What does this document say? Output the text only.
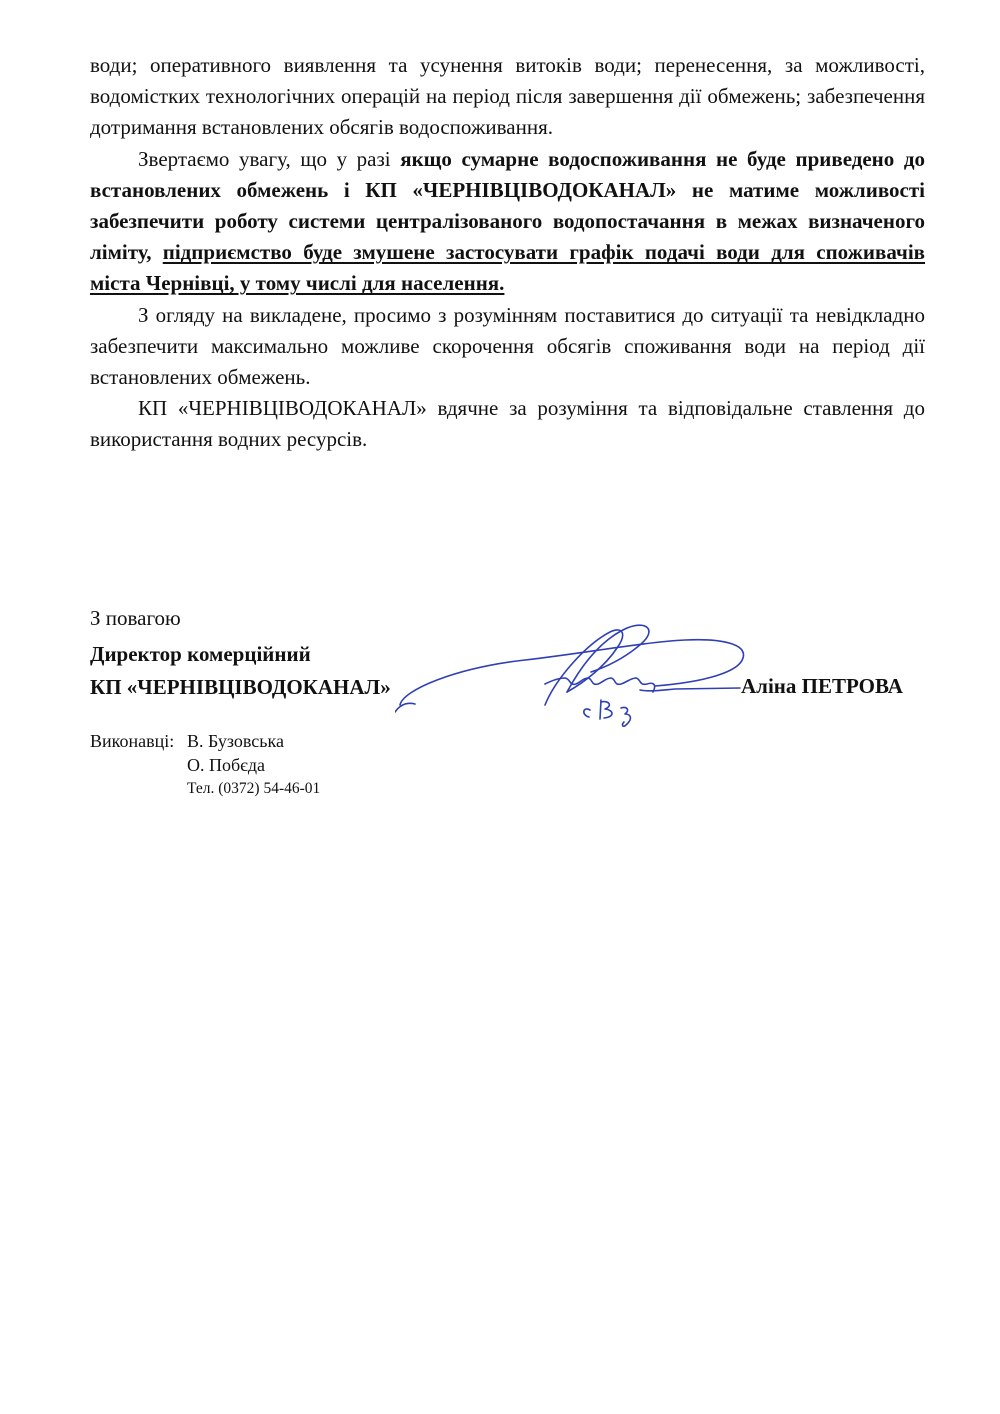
води; оперативного виявлення та усунення витоків води; перенесення, за можливості, водомістких технологічних операцій на період після завершення дії обмежень; забезпечення дотримання встановлених обсягів водоспоживання.

Звертаємо увагу, що у разі якщо сумарне водоспоживання не буде приведено до встановлених обмежень і КП «ЧЕРНІВЦІВОДОКАНАЛ» не матиме можливості забезпечити роботу системи централізованого водопостачання в межах визначеного ліміту, підприємство буде змушене застосувати графік подачі води для споживачів міста Чернівці, у тому числі для населення.

З огляду на викладене, просимо з розумінням поставитися до ситуації та невідкладно забезпечити максимально можливе скорочення обсягів споживання води на період дії встановлених обмежень.

КП «ЧЕРНІВЦІВОДОКАНАЛ» вдячне за розуміння та відповідальне ставлення до використання водних ресурсів.

З повагою
Директор комерційний
КП «ЧЕРНІВЦІВОДОКАНАЛ»	Аліна ПЕТРОВА
Виконавці: В. Бузовська
О. Побєда
Тел. (0372) 54-46-01
